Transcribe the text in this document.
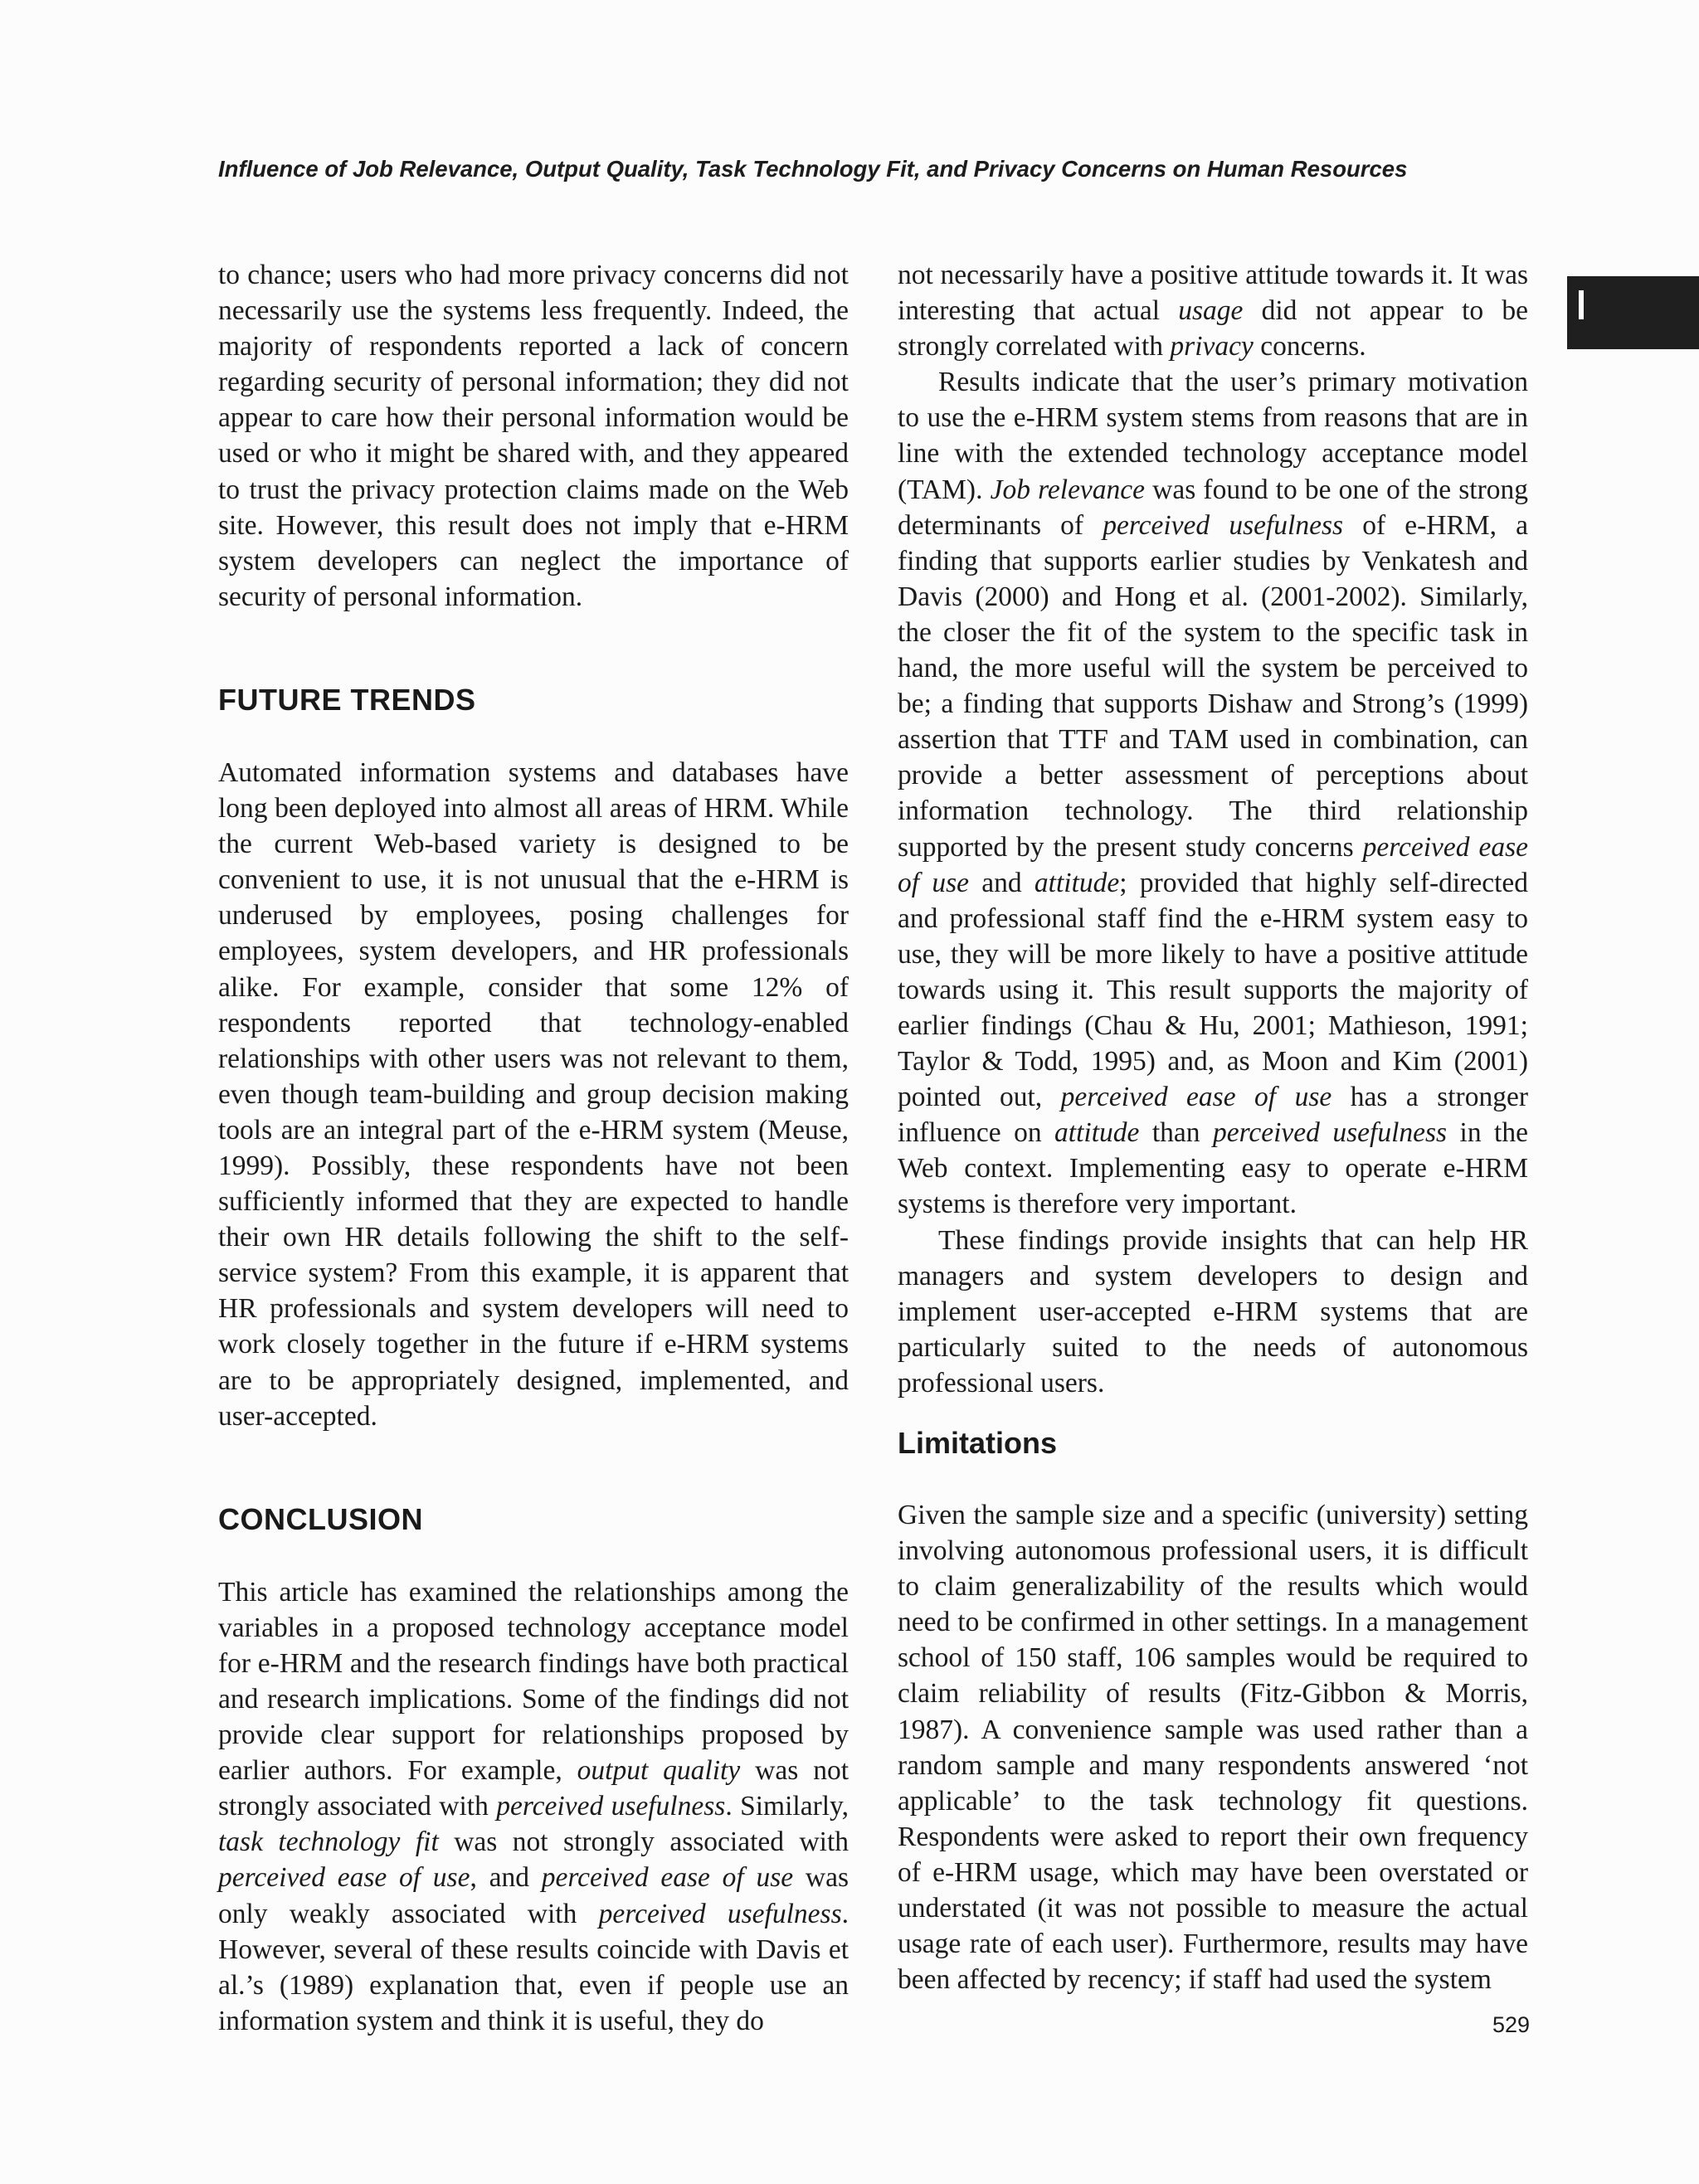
Influence of Job Relevance, Output Quality, Task Technology Fit, and Privacy Concerns on Human Resources

to chance; users who had more privacy concerns did not necessarily use the systems less frequently. Indeed, the majority of respondents reported a lack of concern regarding security of personal information; they did not appear to care how their personal information would be used or who it might be shared with, and they appeared to trust the privacy protection claims made on the Web site. However, this result does not imply that e-HRM system developers can neglect the importance of security of personal information.

FUTURE TRENDS

Automated information systems and databases have long been deployed into almost all areas of HRM. While the current Web-based variety is designed to be convenient to use, it is not unusual that the e-HRM is underused by employees, posing challenges for employees, system developers, and HR professionals alike. For example, consider that some 12% of respondents reported that technology-enabled relationships with other users was not relevant to them, even though team-building and group decision making tools are an integral part of the e-HRM system (Meuse, 1999). Possibly, these respondents have not been sufficiently informed that they are expected to handle their own HR details following the shift to the self-service system? From this example, it is apparent that HR professionals and system developers will need to work closely together in the future if e-HRM systems are to be appropriately designed, implemented, and user-accepted.

CONCLUSION

This article has examined the relationships among the variables in a proposed technology acceptance model for e-HRM and the research findings have both practical and research implications. Some of the findings did not provide clear support for relationships proposed by earlier authors. For example, output quality was not strongly associated with perceived usefulness. Similarly, task technology fit was not strongly associated with perceived ease of use, and perceived ease of use was only weakly associated with perceived usefulness. However, several of these results coincide with Davis et al.’s (1989) explanation that, even if people use an information system and think it is useful, they do

not necessarily have a positive attitude towards it. It was interesting that actual usage did not appear to be strongly correlated with privacy concerns.

Results indicate that the user’s primary motivation to use the e-HRM system stems from reasons that are in line with the extended technology acceptance model (TAM). Job relevance was found to be one of the strong determinants of perceived usefulness of e-HRM, a finding that supports earlier studies by Venkatesh and Davis (2000) and Hong et al. (2001-2002). Similarly, the closer the fit of the system to the specific task in hand, the more useful will the system be perceived to be; a finding that supports Dishaw and Strong’s (1999) assertion that TTF and TAM used in combination, can provide a better assessment of perceptions about information technology. The third relationship supported by the present study concerns perceived ease of use and attitude; provided that highly self-directed and professional staff find the e-HRM system easy to use, they will be more likely to have a positive attitude towards using it. This result supports the majority of earlier findings (Chau & Hu, 2001; Mathieson, 1991; Taylor & Todd, 1995) and, as Moon and Kim (2001) pointed out, perceived ease of use has a stronger influence on attitude than perceived usefulness in the Web context. Implementing easy to operate e-HRM systems is therefore very important.

These findings provide insights that can help HR managers and system developers to design and implement user-accepted e-HRM systems that are particularly suited to the needs of autonomous professional users.

Limitations

Given the sample size and a specific (university) setting involving autonomous professional users, it is difficult to claim generalizability of the results which would need to be confirmed in other settings. In a management school of 150 staff, 106 samples would be required to claim reliability of results (Fitz-Gibbon & Morris, 1987). A convenience sample was used rather than a random sample and many respondents answered ‘not applicable’ to the task technology fit questions. Respondents were asked to report their own frequency of e-HRM usage, which may have been overstated or understated (it was not possible to measure the actual usage rate of each user). Furthermore, results may have been affected by recency; if staff had used the system

529
